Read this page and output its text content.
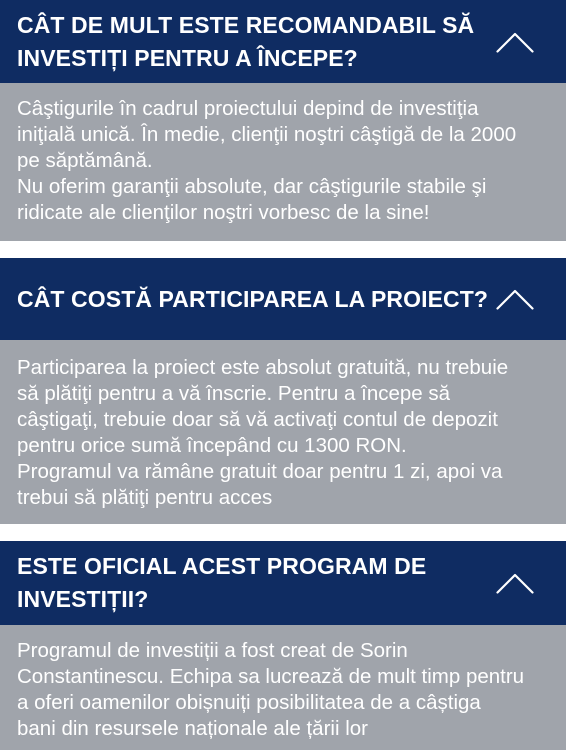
CÂT DE MULT ESTE RECOMANDABIL SĂ
INVESTIȚI PENTRU A ÎNCEPE?
Câştigurile în cadrul proiectului depind de investiţia
iniţială unică. În medie, clienţii noştri câştigă de la 2000
pe săptămână.
Nu oferim garanţii absolute, dar câştigurile stabile şi
ridicate ale clienţilor noştri vorbesc de la sine!
CÂT COSTĂ PARTICIPAREA LA PROIECT?
Participarea la proiect este absolut gratuită, nu trebuie
să plătiţi pentru a vă înscrie. Pentru a începe să
câştigaţi, trebuie doar să vă activaţi contul de depozit
pentru orice sumă începând cu 1300 RON.
Programul va rămâne gratuit doar pentru 1 zi, apoi va
trebui să plătiţi pentru acces
ESTE OFICIAL ACEST PROGRAM DE
INVESTIȚII?
Programul de investiții a fost creat de Sorin
Constantinescu. Echipa sa lucrează de mult timp pentru
a oferi oamenilor obișnuiți posibilitatea de a câștiga
bani din resursele naționale ale țării lor
